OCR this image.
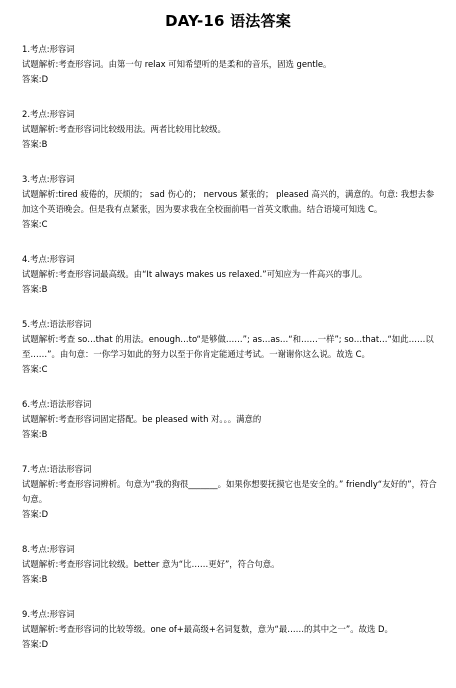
DAY-16 语法答案
1.考点:形容词
试题解析:考查形容词。由第一句 relax 可知希望听的是柔和的音乐，固选 gentle。
答案:D
2.考点:形容词
试题解析:考查形容词比较级用法。两者比较用比较级。
答案:B
3.考点:形容词
试题解析:tired 疲倦的，厌烦的； sad 伤心的； nervous 紧张的； pleased 高兴的，满意的。句意: 我想去参加这个英语晚会。但是我有点紧张，因为要求我在全校面前唱一首英文歌曲。结合语境可知选 C。
答案:C
4.考点:形容词
试题解析:考查形容词最高级。由“It always makes us relaxed.”可知应为一件高兴的事儿。
答案:B
5.考点:语法形容词
试题解析:考查 so…that 的用法。enough…to“是够做……”; as…as…“和……一样”; so…that…“如此……以至……”。由句意：一你学习如此的努力以至于你肯定能通过考试。一谢谢你这么说。故选 C。
答案:C
6.考点:语法形容词
试题解析:考查形容词固定搭配。be pleased with 对。。。满意的
答案:B
7.考点:语法形容词
试题解析:考查形容词辨析。句意为“我的狗很_______。如果你想要抚摸它也是安全的。” friendly“友好的”，符合句意。
答案:D
8.考点:形容词
试题解析:考查形容词比较级。better 意为“比……更好”，符合句意。
答案:B
9.考点:形容词
试题解析:考查形容词的比较等级。one of+最高级+名词复数，意为“最……的其中之一”。故选 D。
答案:D
